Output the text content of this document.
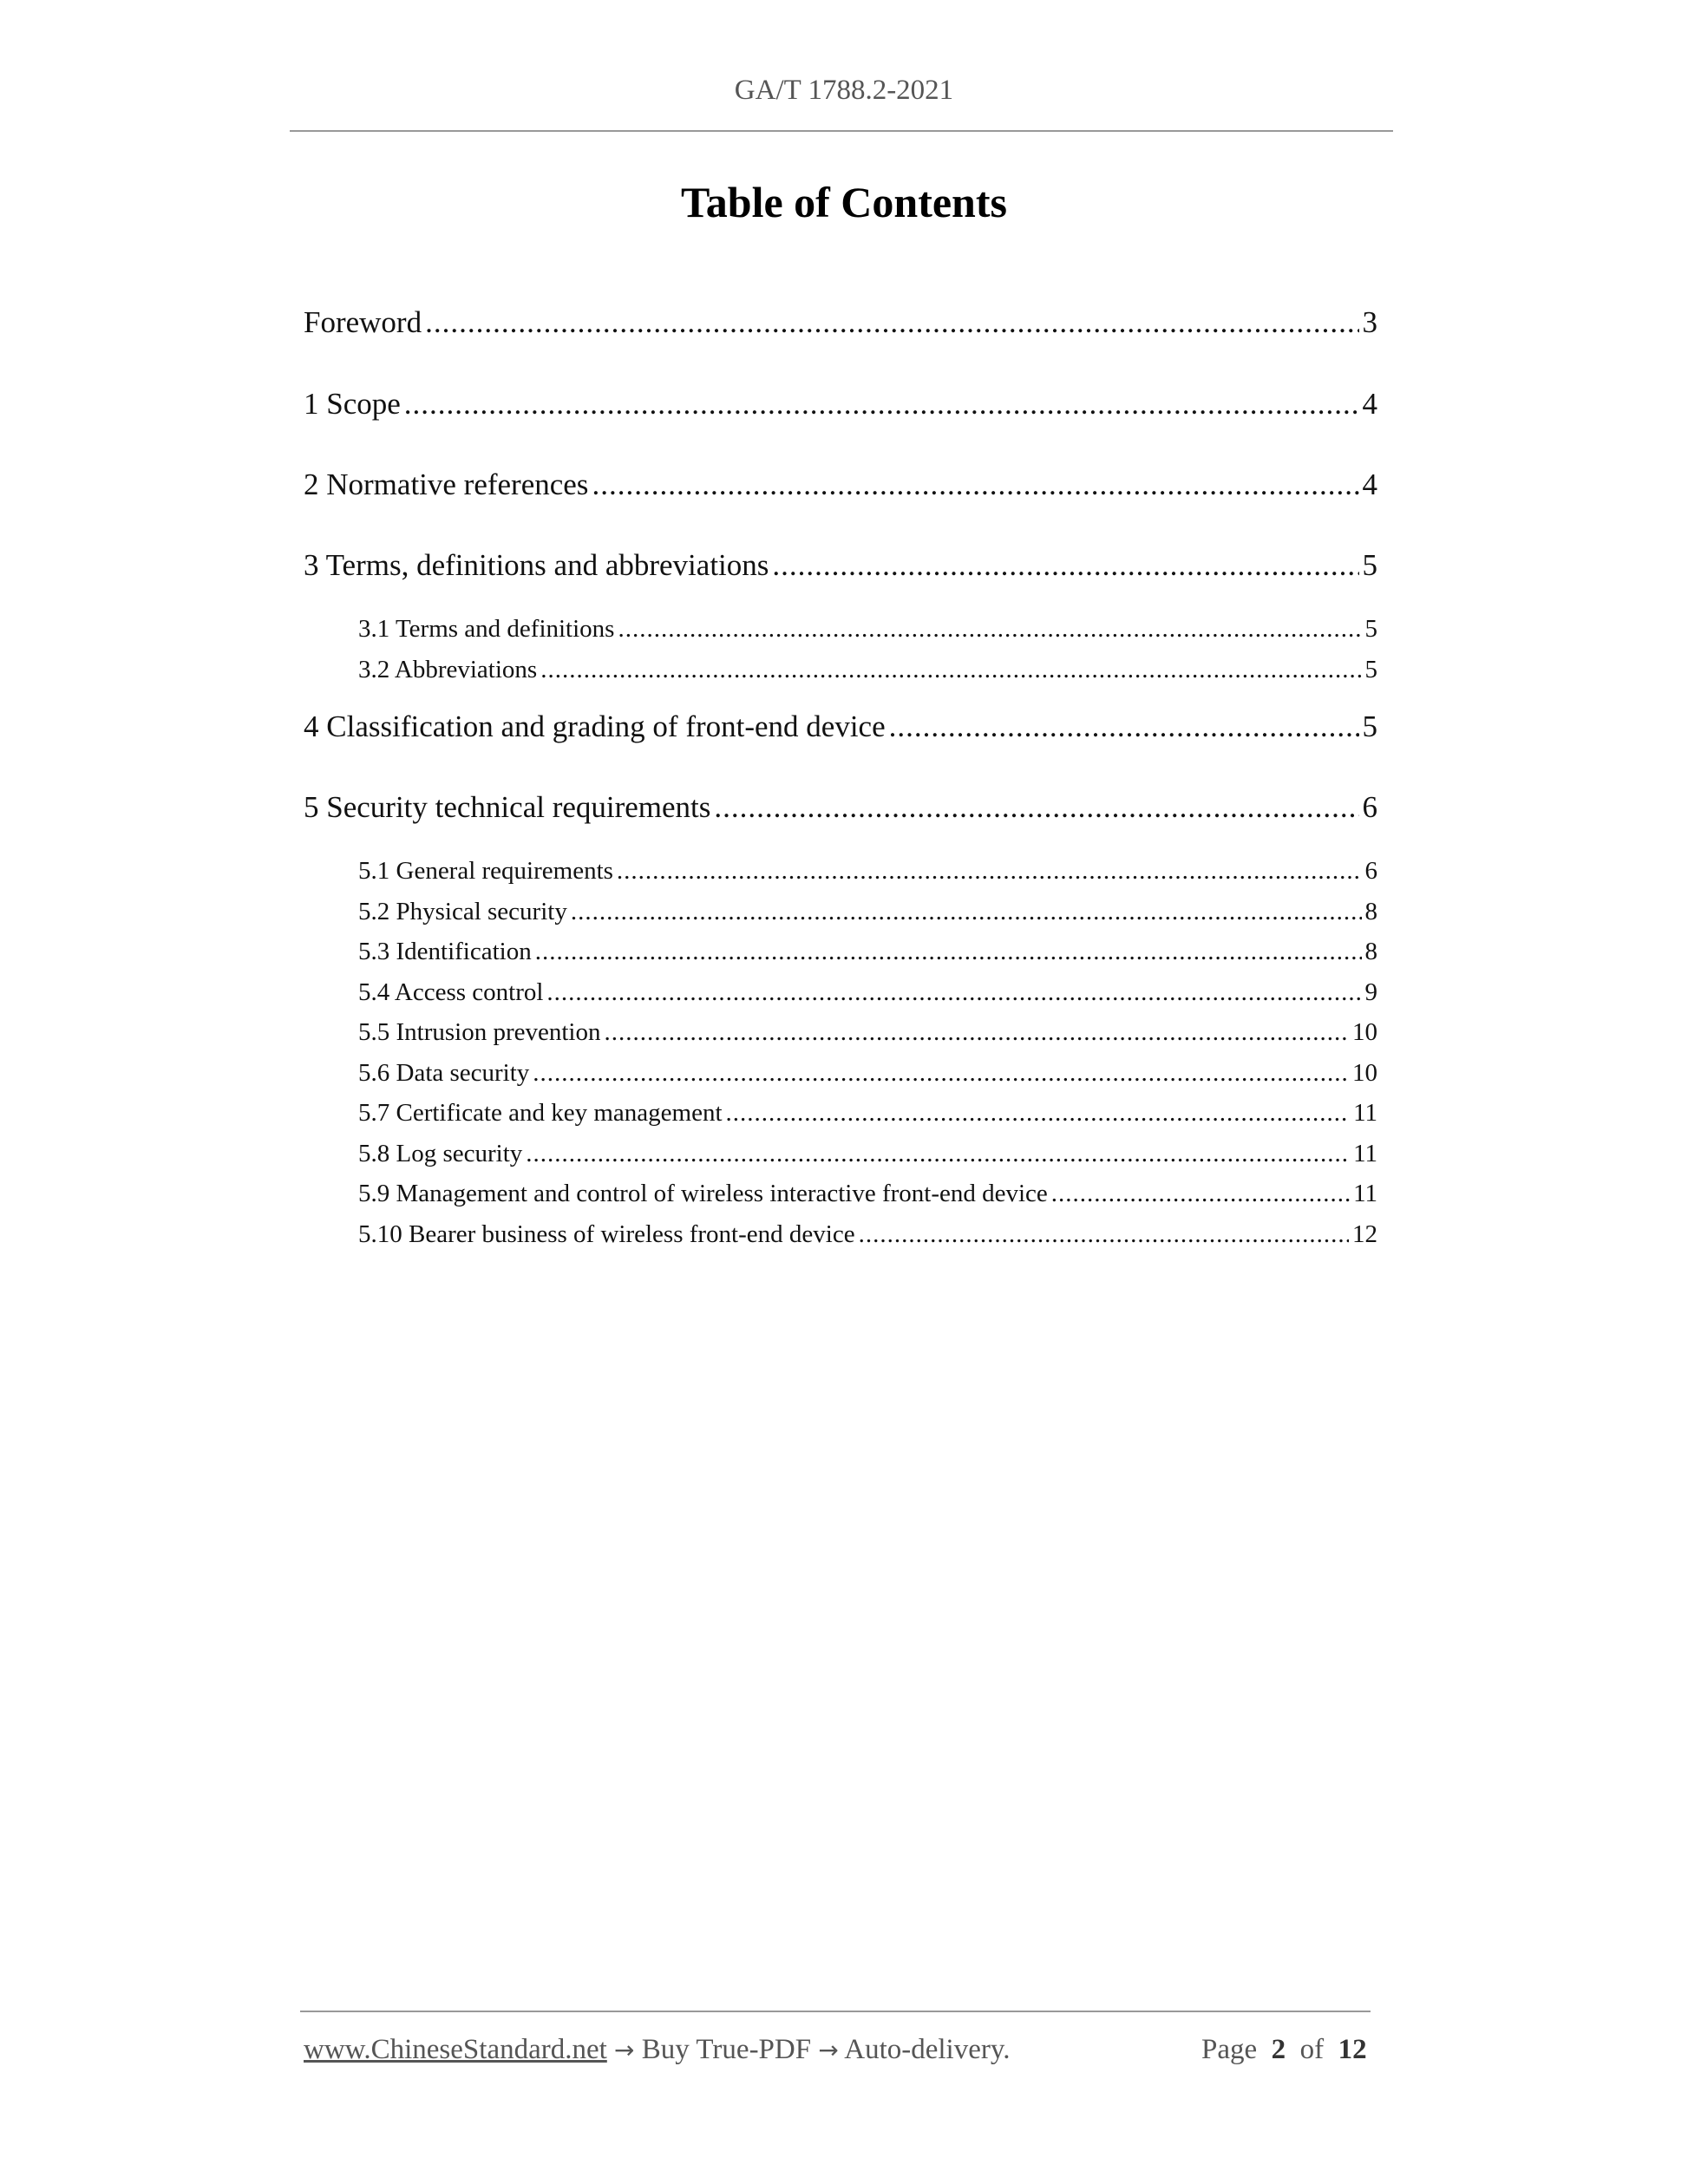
GA/T 1788.2-2021
Table of Contents
Foreword .....	3
1 Scope .....	4
2 Normative references .....	4
3 Terms, definitions and abbreviations .....	5
3.1 Terms and definitions .....	5
3.2 Abbreviations .....	5
4 Classification and grading of front-end device .....	5
5 Security technical requirements .....	6
5.1 General requirements .....	6
5.2 Physical security .....	8
5.3 Identification .....	8
5.4 Access control .....	9
5.5 Intrusion prevention .....	10
5.6 Data security .....	10
5.7 Certificate and key management .....	11
5.8 Log security .....	11
5.9 Management and control of wireless interactive front-end device .....	11
5.10 Bearer business of wireless front-end device .....	12
www.ChineseStandard.net → Buy True-PDF → Auto-delivery.	Page 2 of 12
